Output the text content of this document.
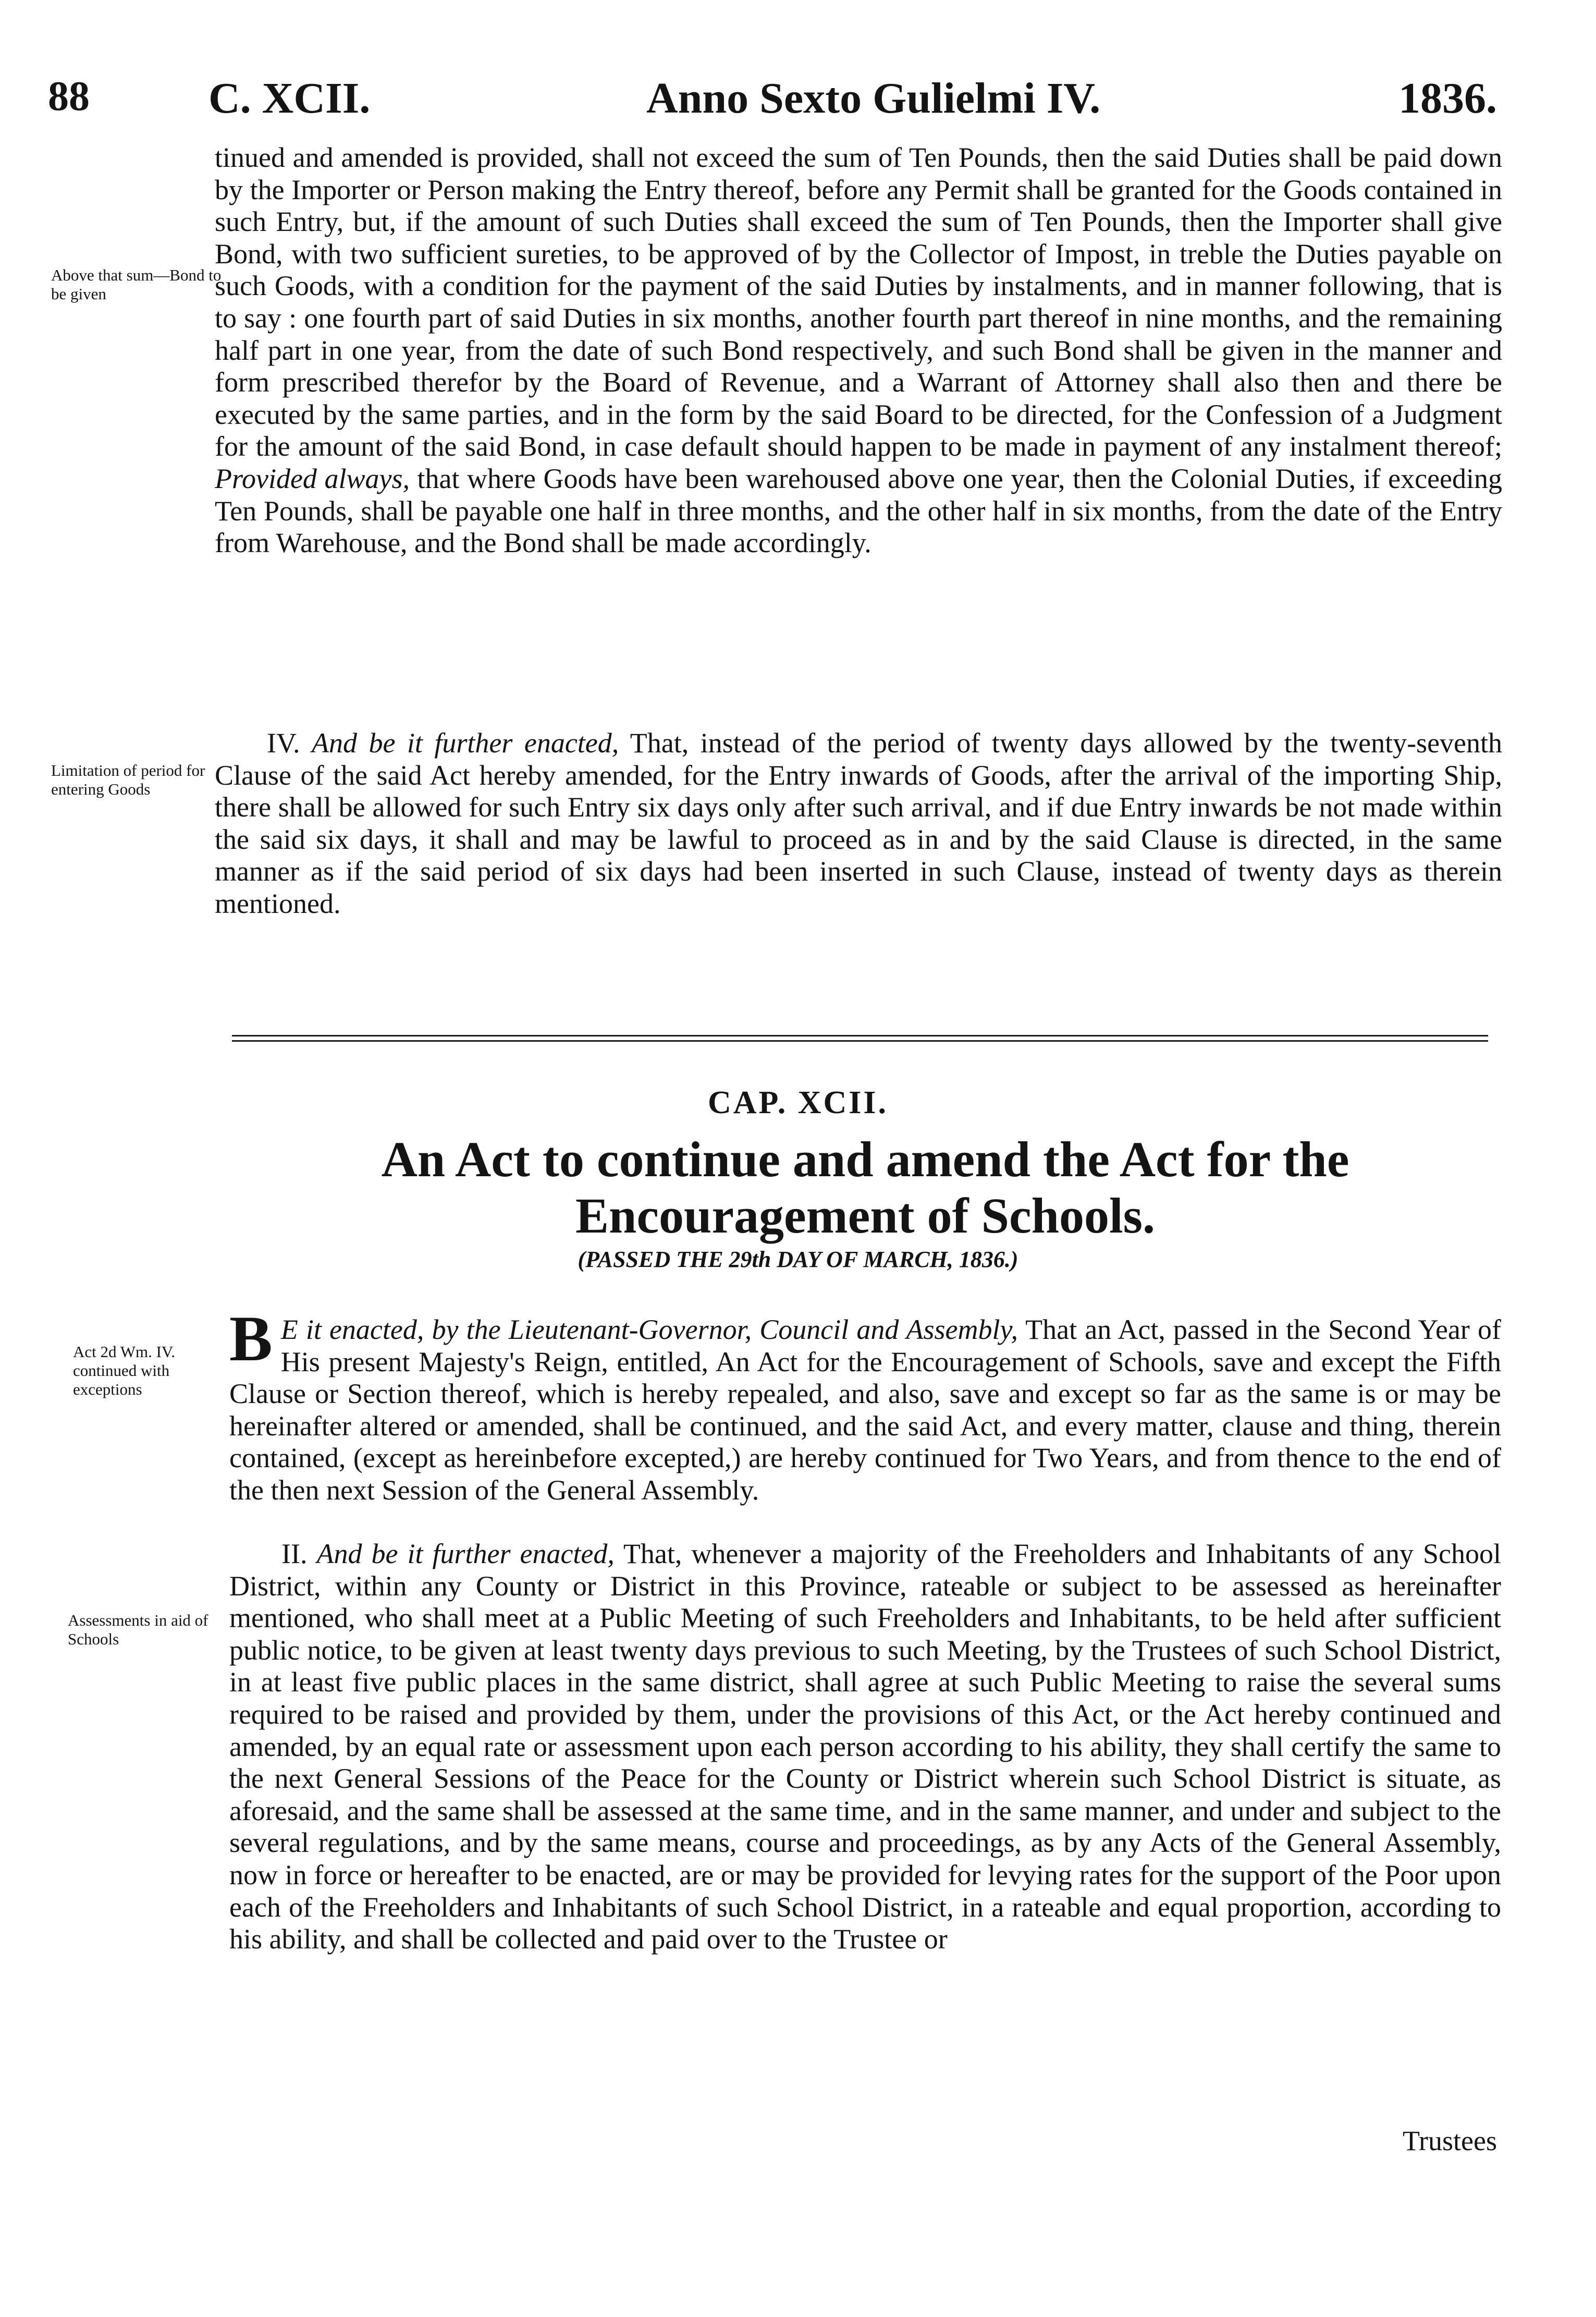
88	C. XCII.	Anno Sexto Gulielmi IV.	1836.

Above that sum—Bond to be given

tinued and amended is provided, shall not exceed the sum of Ten Pounds, then the said Duties shall be paid down by the Importer or Person making the Entry thereof, before any Permit shall be granted for the Goods contained in such Entry, but, if the amount of such Duties shall exceed the sum of Ten Pounds, then the Importer shall give Bond, with two sufficient sureties, to be approved of by the Collector of Impost, in treble the Duties payable on such Goods, with a condition for the payment of the said Duties by instalments, and in manner following, that is to say : one fourth part of said Duties in six months, another fourth part thereof in nine months, and the remaining half part in one year, from the date of such Bond respectively, and such Bond shall be given in the manner and form prescribed therefor by the Board of Revenue, and a Warrant of Attorney shall also then and there be executed by the same parties, and in the form by the said Board to be directed, for the Confession of a Judgment for the amount of the said Bond, in case default should happen to be made in payment of any instalment thereof; Provided always, that where Goods have been warehoused above one year, then the Colonial Duties, if exceeding Ten Pounds, shall be payable one half in three months, and the other half in six months, from the date of the Entry from Warehouse, and the Bond shall be made accordingly.

Limitation of period for entering Goods

IV. And be it further enacted, That, instead of the period of twenty days allowed by the twenty-seventh Clause of the said Act hereby amended, for the Entry inwards of Goods, after the arrival of the importing Ship, there shall be allowed for such Entry six days only after such arrival, and if due Entry inwards be not made within the said six days, it shall and may be lawful to proceed as in and by the said Clause is directed, in the same manner as if the said period of six days had been inserted in such Clause, instead of twenty days as therein mentioned.

CAP. XCII.

An Act to continue and amend the Act for the Encouragement of Schools.

(PASSED THE 29th DAY OF MARCH, 1836.)

Act 2d Wm. IV. continued with exceptions

B E it enacted, by the Lieutenant-Governor, Council and Assembly, That an Act, passed in the Second Year of His present Majesty's Reign, entitled, An Act for the Encouragement of Schools, save and except the Fifth Clause or Section thereof, which is hereby repealed, and also, save and except so far as the same is or may be hereinafter altered or amended, shall be continued, and the said Act, and every matter, clause and thing, therein contained, (except as hereinbefore excepted,) are hereby continued for Two Years, and from thence to the end of the then next Session of the General Assembly.

Assessments in aid of Schools

II. And be it further enacted, That, whenever a majority of the Freeholders and Inhabitants of any School District, within any County or District in this Province, rateable or subject to be assessed as hereinafter mentioned, who shall meet at a Public Meeting of such Freeholders and Inhabitants, to be held after sufficient public notice, to be given at least twenty days previous to such Meeting, by the Trustees of such School District, in at least five public places in the same district, shall agree at such Public Meeting to raise the several sums required to be raised and provided by them, under the provisions of this Act, or the Act hereby continued and amended, by an equal rate or assessment upon each person according to his ability, they shall certify the same to the next General Sessions of the Peace for the County or District wherein such School District is situate, as aforesaid, and the same shall be assessed at the same time, and in the same manner, and under and subject to the several regulations, and by the same means, course and proceedings, as by any Acts of the General Assembly, now in force or hereafter to be enacted, are or may be provided for levying rates for the support of the Poor upon each of the Freeholders and Inhabitants of such School District, in a rateable and equal proportion, according to his ability, and shall be collected and paid over to the Trustee or

Trustees
